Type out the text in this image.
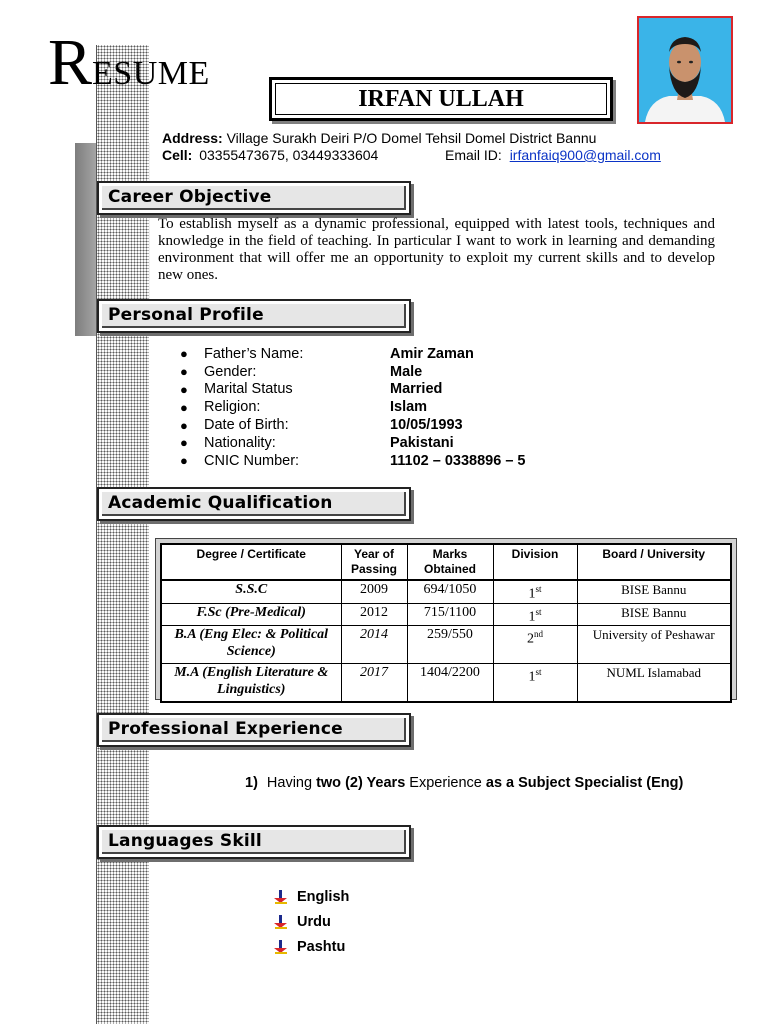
RESUME
IRFAN ULLAH
Address: Village Surakh Deiri P/O Domel Tehsil Domel District Bannu
Cell: 03355473675, 03449333604	Email ID: irfanfaiq900@gmail.com
Career Objective
To establish myself as a dynamic professional, equipped with latest tools, techniques and knowledge in the field of teaching. In particular I want to work in learning and demanding environment that will offer me an opportunity to exploit my current skills and to develop new ones.
Personal Profile
●	Father’s Name:	Amir Zaman
●	Gender:	Male
●	Marital Status	Married
●	Religion:	Islam
●	Date of Birth:	10/05/1993
●	Nationality:	Pakistani
●	CNIC Number:	11102 – 0338896 – 5
Academic Qualification
Degree / Certificate	Year of Passing	Marks Obtained	Division	Board / University
S.S.C	2009	694/1050	1st	BISE Bannu
F.Sc (Pre-Medical)	2012	715/1100	1st	BISE Bannu
B.A (Eng Elec: & Political Science)	2014	259/550	2nd	University of Peshawar
M.A (English Literature & Linguistics)	2017	1404/2200	1st	NUML Islamabad
Professional Experience
1) Having two (2) Years Experience as a Subject Specialist (Eng)
Languages Skill
English
Urdu
Pashtu
